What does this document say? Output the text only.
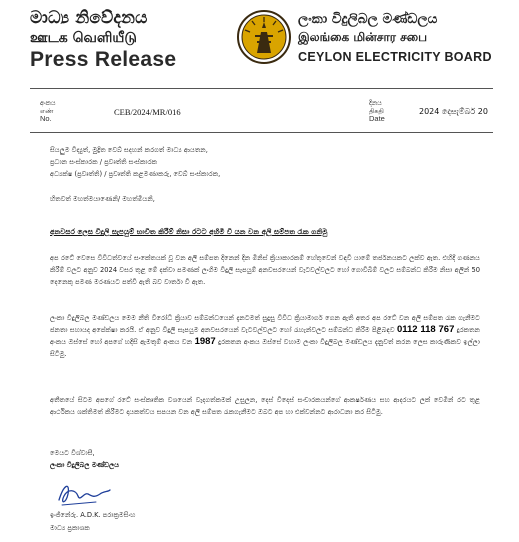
මාධ්‍ය නිවේදනය
ஊடக வெளியீடு
Press Release
ලංකා විදුලිබල මණ්ඩලය
இலங்கை மின்சார சபை
CEYLON ELECTRICITY BOARD
අංකය
எண்
No.
CEB/2024/MR/016
දිනය
திகதி
Date
2024 දෙසැම්බර් 20
සියලුම විද්‍යුත්, මුද්‍රිත වෙබ් සදහන් කරගත් මාධ්‍ය ආයතන,
ප්‍රධාන සංස්කාරක / ප්‍රවෘත්ති සංස්කාරක
අධ්‍යක්ෂ (ප්‍රවෘත්ති) / ප්‍රවෘත්ති කළමණාකරු, වෙබ් සංස්කාරක,
හිතවත් මහත්මයාණෙනි/ මහත්මියනි,
අනවසර ලෙස විදුලි සැපයුම් භාවිත කිරීම් නිසා රටට අහිමි වී යන වන අලි සම්පත රැක ගනිමු
අප රටේ වෙසෙ විවිධත්වයේ සංකේතයක් වූ වන අලි සම්පත දිනෙන් දින මිනිස් ක්‍රියාකාරකම් හේතුවෙන් වඳවී යාමේ තර්ජනයකට ලක්ව ඇත. එහිදී ගණනය කිරීම් වලට අනුව 2024 වසර තුළ මේ දක්වා පමණක් ලංගිම විදුලි සැපයුම් අනවසරයෙන් වැටවල්වලට හෝ ගොවිබිම් වලට සම්බන්ධ කිරීම නිසා අලින් 50 දෙනෙකු පමණ මරණයට පත්වී ඇති බව වාර්තා වී ඇත.
ලංකා විදුලිබල මණ්ඩලය මෙම නීති විරෝධී ක්‍රියාව සම්බන්ධයෙන් දැනටමත් සුදුසු විවිධ ක්‍රියාමාර්ග ගෙන ඇති අතර අප රටේ වන අලි සම්පත රැක ගැනීමට ජනතා සහායද අපේක්ෂා කරයි. ඒ අනුව විදුලි සැපයුම අනවසරයෙන් වැටවල්වලට හෝ රැහැන්වලට සම්බන්ධ කිරීම පිළිබඳව 0112 118 767 දුරකතන අංකය ඔස්සේ හෝ අපගේ හදිසි ඇමතුම් අංකය වන 1987 දුරකතන අංකය ඔස්සේ වහාම ලංකා විදුලිබල මණ්ඩලය දැනුවත් කරන ලෙස කාරුණිකව ඉල්ලා සිටිමු.
අතීතයේ සිටම අපගේ රටේ සංස්කෘතික වශයෙන් වැදගත්කමක් උසුලන, දෙස් විදෙස් සංචාරකයන්ගේ ආකර්ෂණය සහ ආදරයට ලක් වෙමින් රට තුළ ආර්ථිකය ශක්තිමත් කිරීමට දායකත්වය සපයන වන අලි සම්පත රැකගැනීමට ඔබට අප හා එක්වන්නට ආරාධනා කර සිටිමු.
මෙයට විශ්වාසී,
ලංකා විදුලිබල මණ්ඩලය
ඉංජිනේරු. A.D.K. පරාක්‍රමසිංහ
මාධ්‍ය ප්‍රකාශක
